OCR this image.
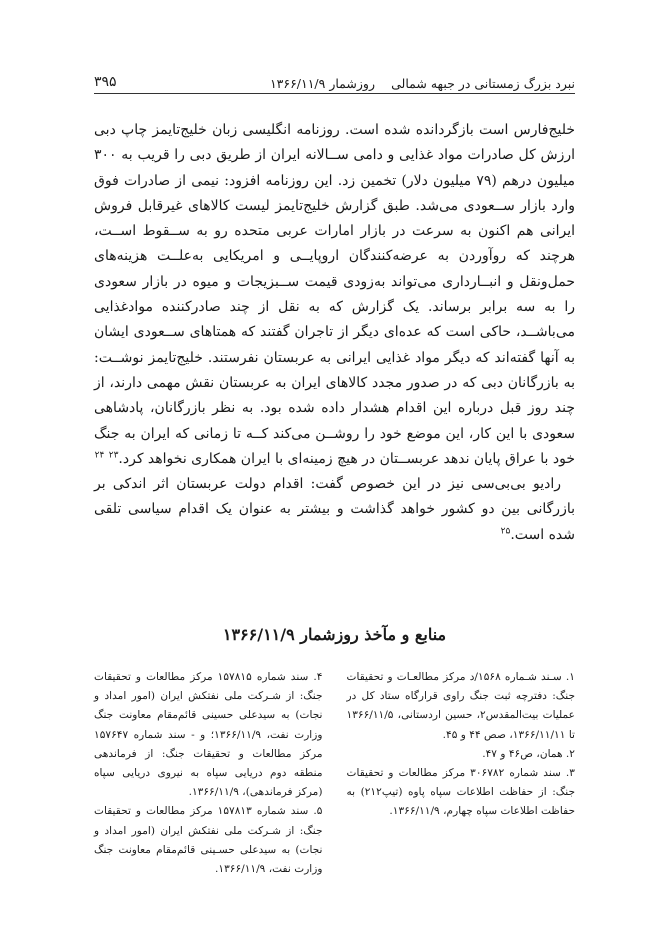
نبرد بزرگ زمستانی در جبهه شمالی
روزشمار ۱۳۶۶/۱۱/۹
۳۹۵

خلیج‌فارس است بازگردانده شده است. روزنامه انگلیسی زبان خلیج‌تایمز چاپ دبی ارزش کل صادرات مواد غذایی و دامی ســالانه ایران از طریق دبی را قریب به ۳۰۰ میلیون درهم (۷۹ میلیون دلار) تخمین زد. این روزنامه افزود: نیمی از صادرات فوق وارد بازار ســعودی می‌شد. طبق گزارش خلیج‌تایمز لیست کالاهای غیرقابل فروش ایرانی هم اکنون به سرعت در بازار امارات عربی متحده رو به ســقوط اســت، هرچند که روآوردن به عرضه‌کنندگان اروپایــی و امریکایی به‌علــت هزینه‌های حمل‌ونقل و انبــارداری می‌تواند به‌زودی قیمت ســبزیجات و میوه در بازار سعودی را به سه برابر برساند. یک گزارش که به نقل از چند صادرکننده موادغذایی می‌باشــد، حاکی است که عده‌ای دیگر از تاجران گفتند که همتاهای ســعودی ایشان به آنها گفته‌اند که دیگر مواد غذایی ایرانی به عربستان نفرستند. خلیج‌تایمز نوشــت: به بازرگانان دبی که در صدور مجدد کالاهای ایران به عربستان نقش مهمی دارند، از چند روز قبل درباره این اقدام هشدار داده شده بود. به نظر بازرگانان، پادشاهی سعودی با این کار، این موضع خود را روشــن می‌کند کــه تا زمانی که ایران به جنگ خود با عراق پایان ندهد عربســتان در هیچ زمینه‌ای با ایران همکاری نخواهد کرد.$^{۲۳}$ $^{۲۴}$

رادیو بی‌بی‌سی نیز در این خصوص گفت: اقدام دولت عربستان اثر اندکی بر بازرگانی بین دو کشور خواهد گذاشت و بیشتر به عنوان یک اقدام سیاسی تلقی شده است.$^{۲۵}$

منابع و مآخذ روزشمار ۱۳۶۶/۱۱/۹

۱. سـند شـماره ۱۵۶۸/د مرکز مطالعـات و تحقیقات جنگ: دفترچه ثبت جنگ راوی قرارگاه ستاد کل در عملیات بیت‌المقدس۲، حسین اردستانی، ۱۳۶۶/۱۱/۵ تا ۱۳۶۶/۱۱/۱۱، صص ۴۴ و ۴۵.

۲. همان، ص۴۶ و ۴۷.

۳. سند شماره ۳۰۶۷۸۲ مرکز مطالعات و تحقیقات جنگ: از حفاظت اطلاعات سپاه پاوه (تیپ۲۱۲) به حفاظت اطلاعات سپاه چهارم، ۱۳۶۶/۱۱/۹.

۴. سند شماره ۱۵۷۸۱۵ مرکز مطالعات و تحقیقات جنگ: از شـرکت ملی نفتکش ایران (امور امداد و نجات) به سیدعلی حسینی قائم‌مقام معاونت جنگ وزارت نفت، ۱۳۶۶/۱۱/۹؛ و - سند شماره ۱۵۷۶۴۷ مرکز مطالعات و تحقیقات جنگ: از فرماندهی منطقه دوم دریایی سپاه به نیروی دریایی سپاه (مرکز فرماندهی)، ۱۳۶۶/۱۱/۹.

۵. سند شماره ۱۵۷۸۱۳ مرکز مطالعات و تحقیقات جنگ: از شـرکت ملی نفتکش ایران (امور امداد و نجات) به سیدعلی حسـینی قائم‌مقام معاونت جنگ وزارت نفت، ۱۳۶۶/۱۱/۹.
